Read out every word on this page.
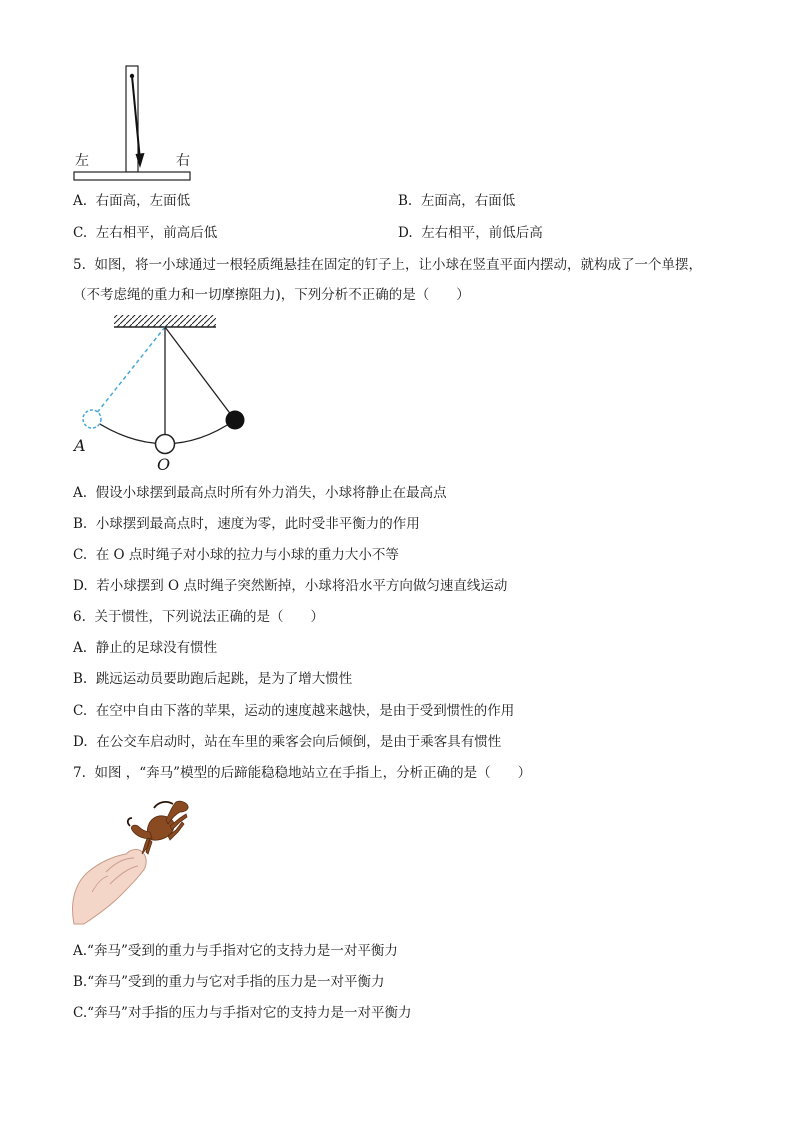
左	右
A. 右面高，左面低	B. 左面高，右面低
C. 左右相平，前高后低	D. 左右相平，前低后高
5. 如图，将一小球通过一根轻质绳悬挂在固定的钉子上，让小球在竖直平面内摆动，就构成了一个单摆，
（不考虑绳的重力和一切摩擦阻力)，下列分析不正确的是（　　）
A
O
A. 假设小球摆到最高点时所有外力消失，小球将静止在最高点
B. 小球摆到最高点时，速度为零，此时受非平衡力的作用
C. 在 O 点时绳子对小球的拉力与小球的重力大小不等
D. 若小球摆到 O 点时绳子突然断掉，小球将沿水平方向做匀速直线运动
6. 关于惯性，下列说法正确的是（　　）
A. 静止的足球没有惯性
B. 跳远运动员要助跑后起跳，是为了增大惯性
C. 在空中自由下落的苹果，运动的速度越来越快，是由于受到惯性的作用
D. 在公交车启动时，站在车里的乘客会向后倾倒，是由于乘客具有惯性
7. 如图 ，“奔马”模型的后蹄能稳稳地站立在手指上，分析正确的是（　　）
A.“奔马”受到的重力与手指对它的支持力是一对平衡力
B.“奔马”受到的重力与它对手指的压力是一对平衡力
C.“奔马”对手指的压力与手指对它的支持力是一对平衡力
